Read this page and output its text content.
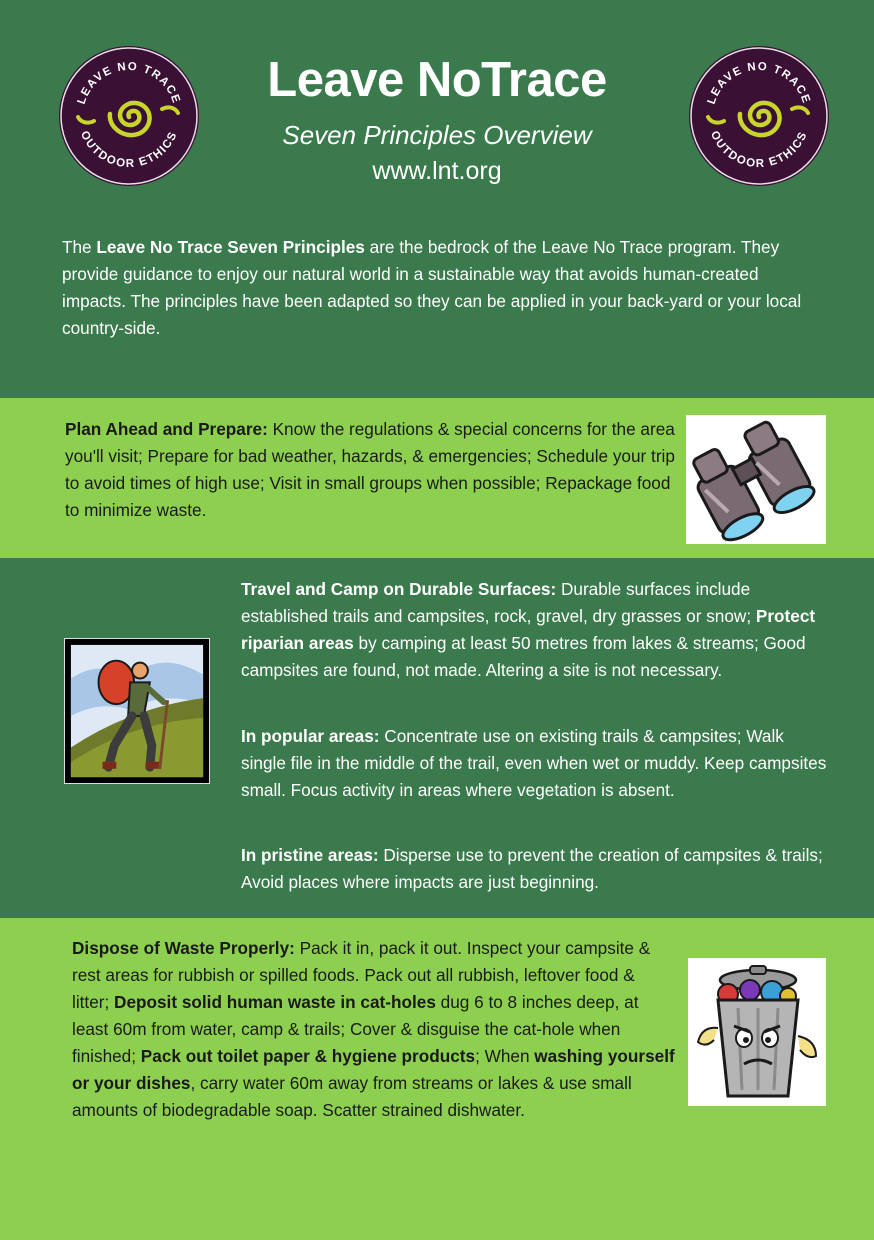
LEAVE NO TRACE
OUTDOOR ETHICS
Leave NoTrace
Seven Principles Overview
www.lnt.org
LEAVE NO TRACE
OUTDOOR ETHICS

The Leave No Trace Seven Principles are the bedrock of the Leave No Trace program. They provide guidance to enjoy our natural world in a sustainable way that avoids human-created impacts. The principles have been adapted so they can be applied in your back-yard or your local country-side.

Plan Ahead and Prepare: Know the regulations & special concerns for the area you'll visit; Prepare for bad weather, hazards, & emergencies; Schedule your trip to avoid times of high use; Visit in small groups when possible; Repackage food to minimize waste.

Travel and Camp on Durable Surfaces: Durable surfaces include established trails and campsites, rock, gravel, dry grasses or snow; Protect riparian areas by camping at least 50 metres from lakes & streams; Good campsites are found, not made. Altering a site is not necessary.

In popular areas: Concentrate use on existing trails & campsites; Walk single file in the middle of the trail, even when wet or muddy. Keep campsites small. Focus activity in areas where vegetation is absent.

In pristine areas: Disperse use to prevent the creation of campsites & trails; Avoid places where impacts are just beginning.

Dispose of Waste Properly: Pack it in, pack it out. Inspect your campsite & rest areas for rubbish or spilled foods. Pack out all rubbish, leftover food & litter; Deposit solid human waste in cat-holes dug 6 to 8 inches deep, at least 60m from water, camp & trails; Cover & disguise the cat-hole when finished; Pack out toilet paper & hygiene products; When washing yourself or your dishes, carry water 60m away from streams or lakes & use small amounts of biodegradable soap. Scatter strained dishwater.
